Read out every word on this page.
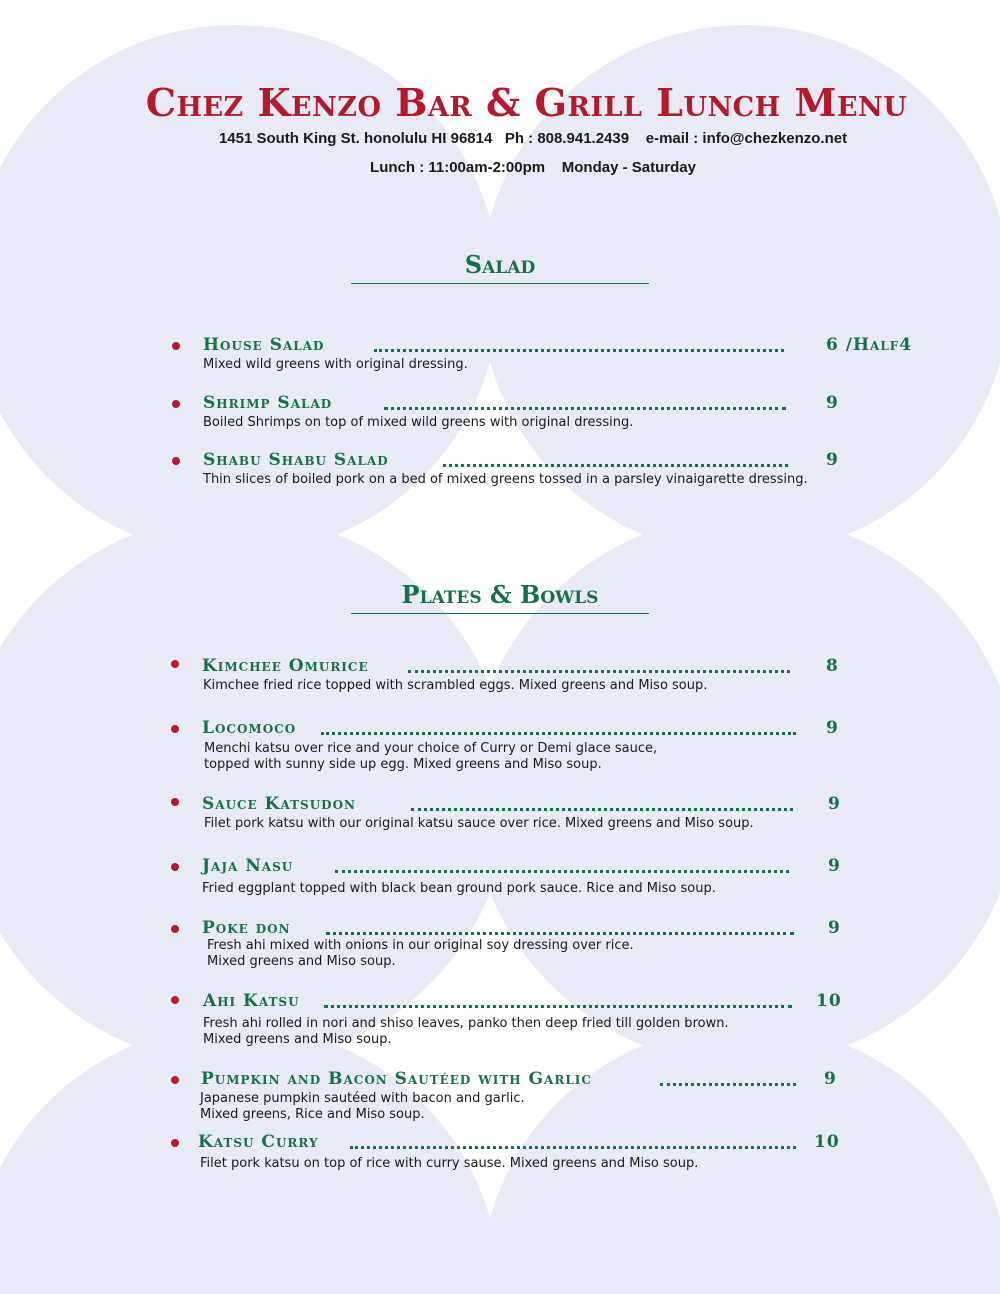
Chez Kenzo Bar & Grill Lunch Menu

1451 South King St. honolulu HI 96814   Ph : 808.941.2439    e-mail : info@chezkenzo.net

Lunch : 11:00am-2:00pm    Monday - Saturday

Salad
House Salad	6 /Half4

Mixed wild greens with original dressing.

Shrimp Salad	9

Boiled Shrimps on top of mixed wild greens with original dressing.

Shabu Shabu Salad	9

Thin slices of boiled pork on a bed of mixed greens tossed in a parsley vinaigarette dressing.

Plates & Bowls
Kimchee Omurice	8

Kimchee fried rice topped with scrambled eggs. Mixed greens and Miso soup.

Locomoco	9

Menchi katsu over rice and your choice of Curry or Demi glace sauce,
topped with sunny side up egg. Mixed greens and Miso soup.

Sauce Katsudon	9

Filet pork katsu with our original katsu sauce over rice. Mixed greens and Miso soup.

Jaja Nasu	9

Fried eggplant topped with black bean ground pork sauce. Rice and Miso soup.

Poke don	9

Fresh ahi mixed with onions in our original soy dressing over rice.
Mixed greens and Miso soup.

Ahi Katsu	10

Fresh ahi rolled in nori and shiso leaves, panko then deep fried till golden brown.
Mixed greens and Miso soup.

Pumpkin and Bacon Sautéed with Garlic	9

Japanese pumpkin sautéed with bacon and garlic.
Mixed greens, Rice and Miso soup.

Katsu Curry	10

Filet pork katsu on top of rice with curry sause. Mixed greens and Miso soup.
